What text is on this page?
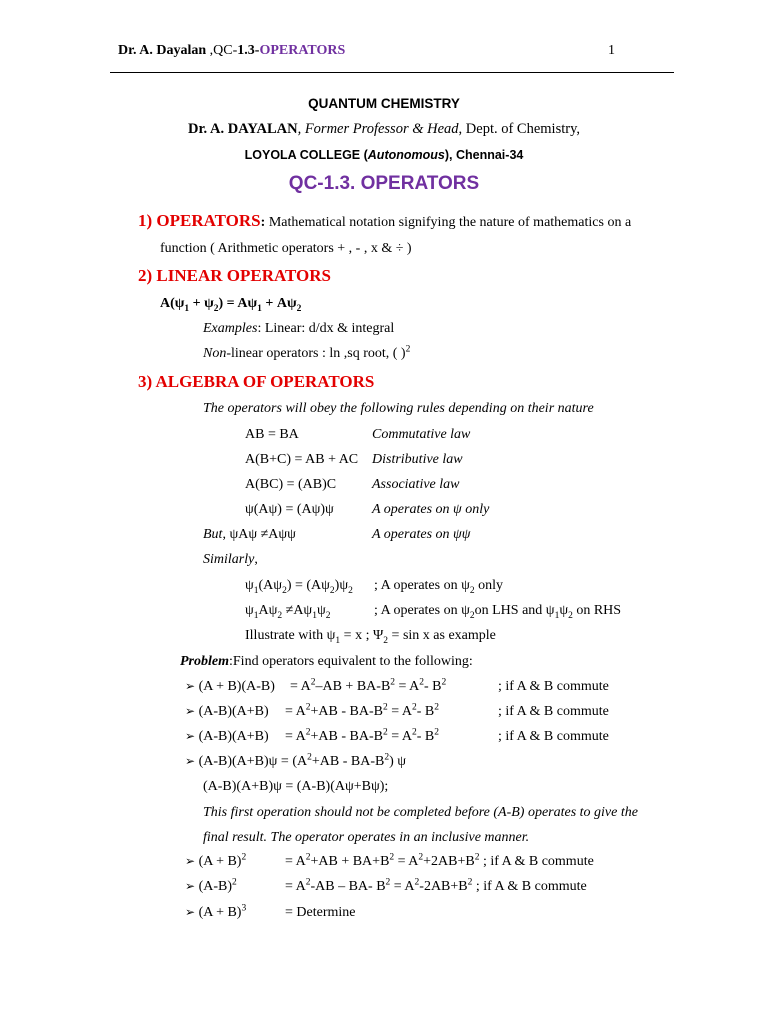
Dr. A. Dayalan ,QC-1.3-OPERATORS	1
QUANTUM CHEMISTRY
Dr. A. DAYALAN, Former Professor & Head, Dept. of Chemistry,
LOYOLA COLLEGE (Autonomous), Chennai-34
QC-1.3. OPERATORS
1) OPERATORS: Mathematical notation signifying the nature of mathematics on a
function ( Arithmetic operators + , - , x & ÷ )
2) LINEAR OPERATORS
$A(\psi_1 + \psi_2) = A\psi_1 + A\psi_2$
Examples: Linear: d/dx & integral
Non-linear operators : ln ,sq root, ( )$^2$
3) ALGEBRA OF OPERATORS
The operators will obey the following rules depending on their nature
AB = BA	Commutative law
A(B+C) = AB + AC Distributive law
A(BC) = (AB)C	Associative law
ψ(Aψ) = (Aψ)ψ	A operates on ψ only
But, ψAψ ≠Aψψ	A operates on ψψ
Similarly,
$\psi_1(A\psi_2) = (A\psi_2)\psi_2$ ; A operates on $\psi_2$ only
$\psi_1A\psi_2 \ne A\psi_1\psi_2$	; A operates on $\psi_2on$ LHS and $\psi_1\psi_2$ on RHS
Illustrate with $\psi_1 = x$ ; $\Psi_2 = \sin x$ as example
Problem:Find operators equivalent to the following:
➢ $(A + B)(A-B) = A^2-AB + BA-B^2 = A^2-$ $B^2$	; if A & B commute
➢ $(A-B)(A+B) = A^2+AB - BA-B^2 = A^2-$ $B^2$	; if A & B commute
➢ $(A-B)(A+B) = A^2+AB - BA-B^2 = A^2-$ $B^2$	; if A & B commute
➢ $(A-B)(A+B)\psi = (A^2+AB - BA-B^2)$ ψ
(A-B)(A+B)ψ = (A-B)(Aψ+Bψ);
This first operation should not be completed before (A-B) operates to give the
final result. The operator operates in an inclusive manner.
➢ $(A + B)^2$	= $A^2+AB + BA+B^2 = A^2+2AB+B^2$ ; if A & B commute
➢ $(A-B)^2$	= $A^2-AB - BA-$ $B^2 = A^2-2AB+B^2$ ; if A & B commute
➢ $(A + B)^3$	= Determine
